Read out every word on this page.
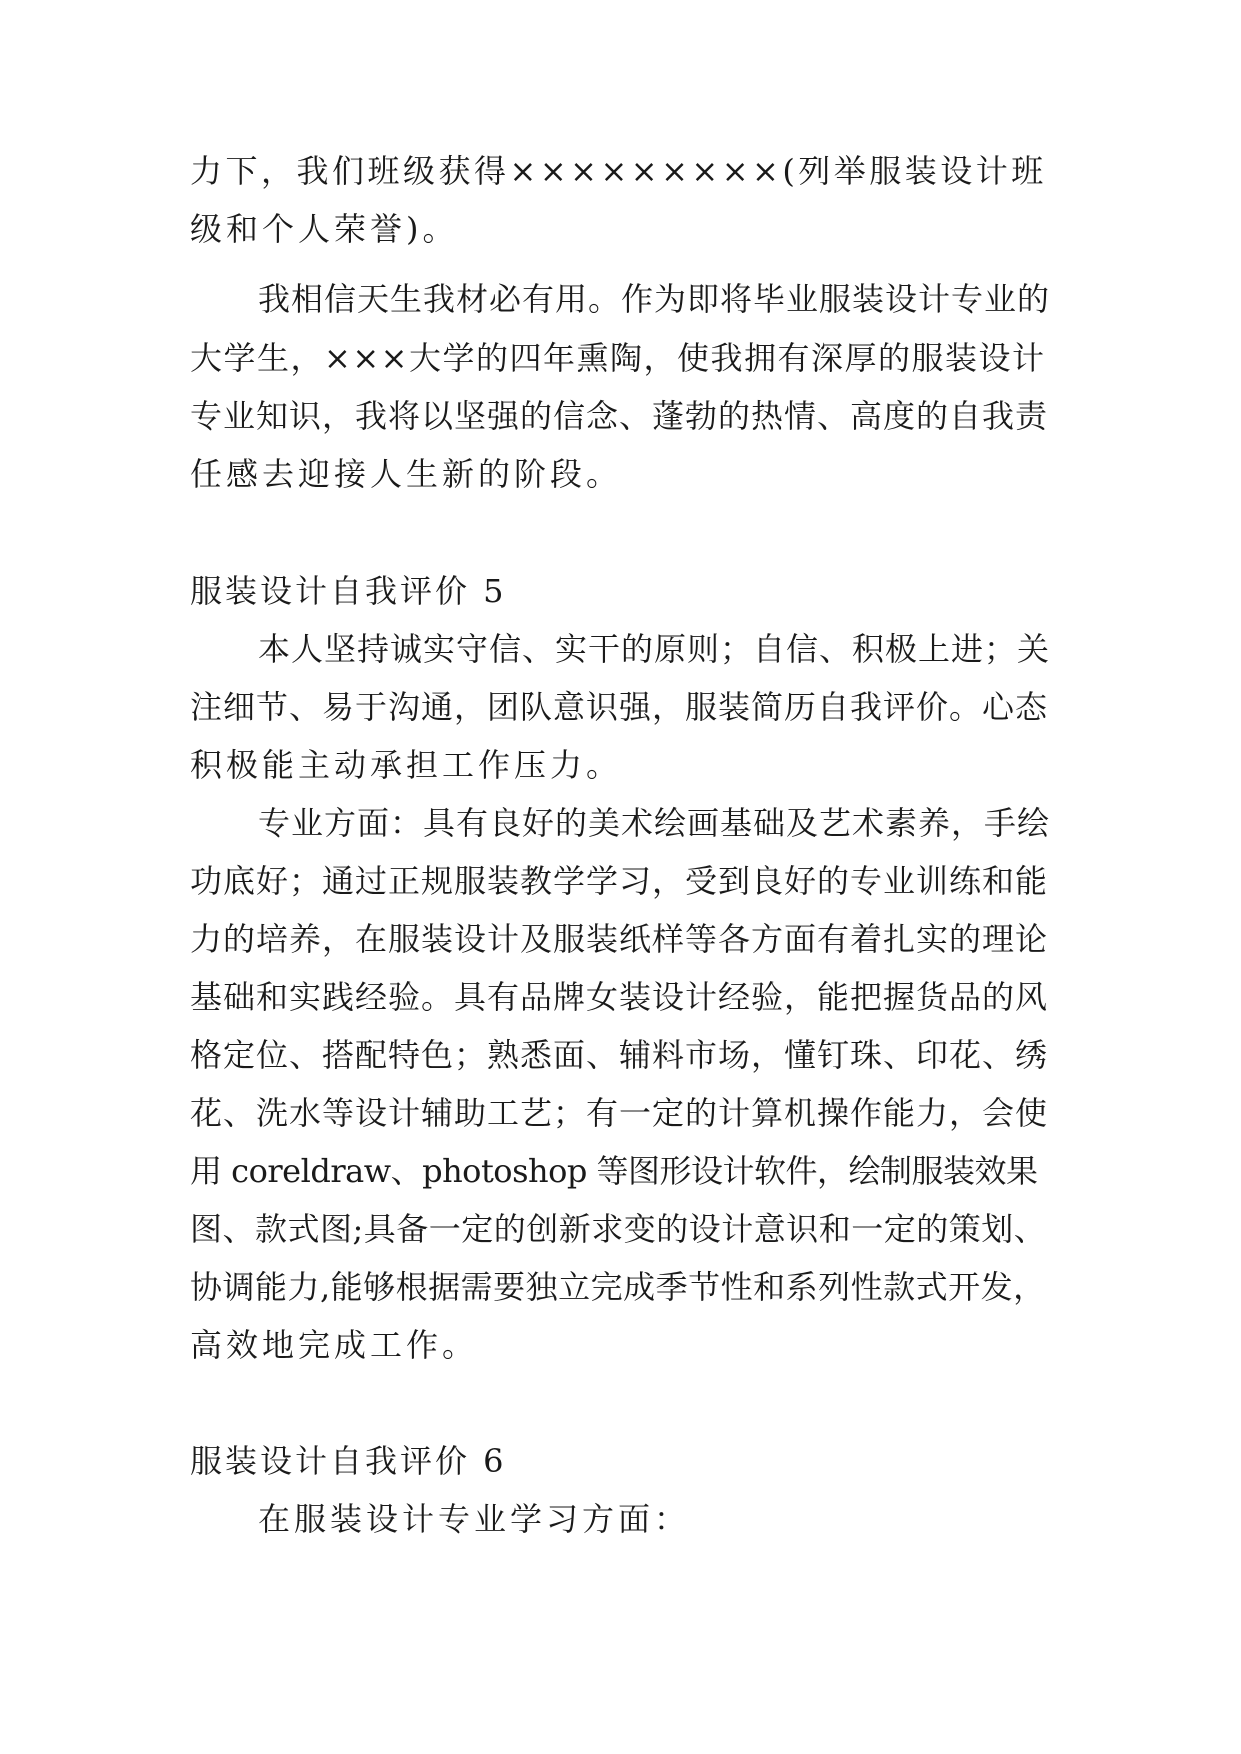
力下，我们班级获得×××××××××(列举服装设计班
级和个人荣誉)。
我相信天生我材必有用。作为即将毕业服装设计专业的
大学生，×××大学的四年熏陶，使我拥有深厚的服装设计
专业知识，我将以坚强的信念、蓬勃的热情、高度的自我责
任感去迎接人生新的阶段。
服装设计自我评价 5
本人坚持诚实守信、实干的原则；自信、积极上进；关
注细节、易于沟通，团队意识强，服装简历自我评价。心态
积极能主动承担工作压力。
专业方面：具有良好的美术绘画基础及艺术素养，手绘
功底好；通过正规服装教学学习，受到良好的专业训练和能
力的培养，在服装设计及服装纸样等各方面有着扎实的理论
基础和实践经验。具有品牌女装设计经验，能把握货品的风
格定位、搭配特色；熟悉面、辅料市场，懂钉珠、印花、绣
花、洗水等设计辅助工艺；有一定的计算机操作能力，会使
用 coreldraw、photoshop 等图形设计软件，绘制服装效果
图、款式图;具备一定的创新求变的设计意识和一定的策划、
协调能力,能够根据需要独立完成季节性和系列性款式开发，
高效地完成工作。
服装设计自我评价 6
在服装设计专业学习方面：
